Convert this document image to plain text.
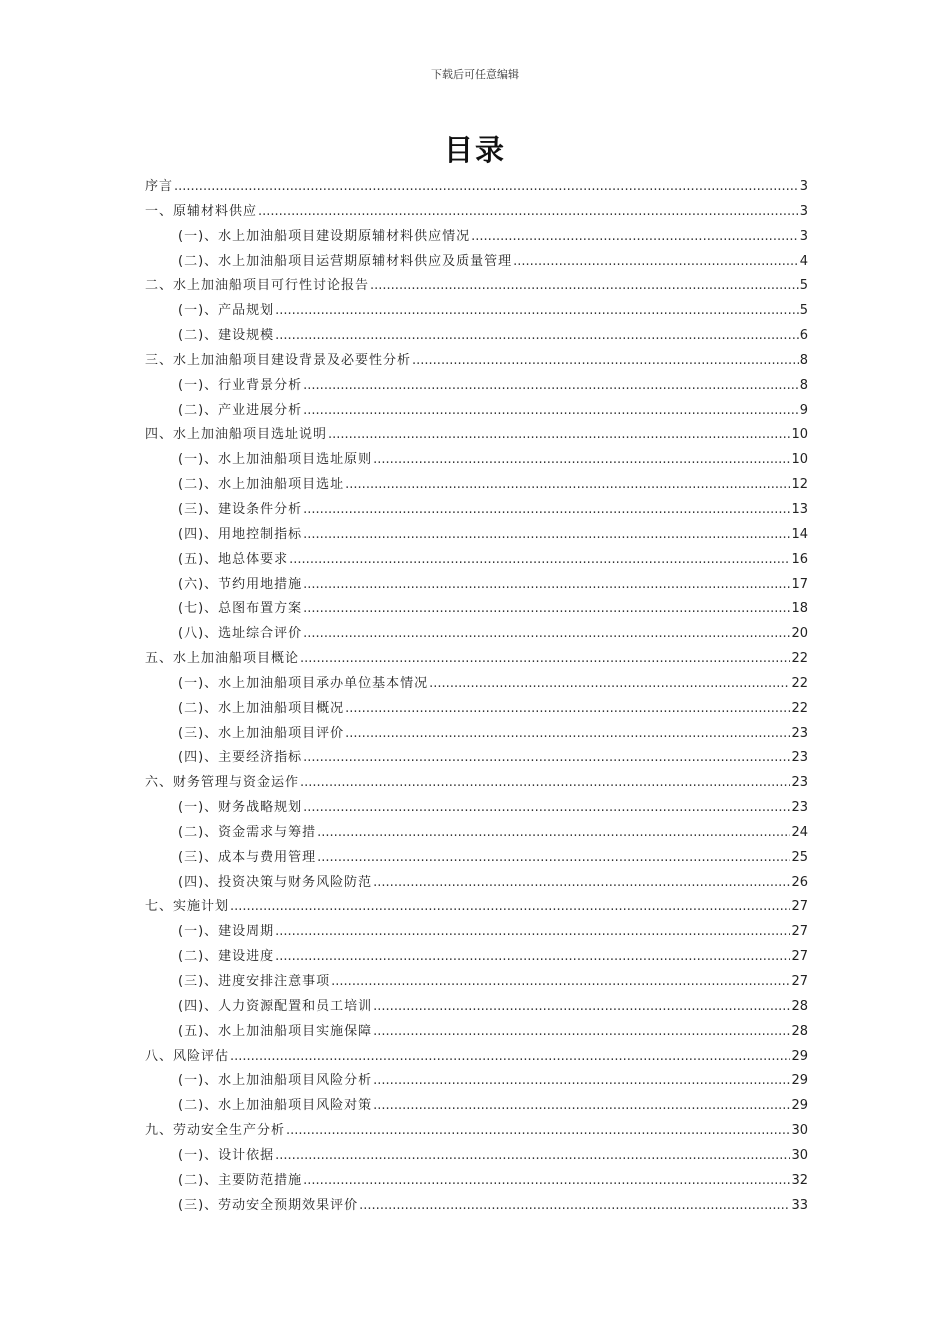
下载后可任意编辑
目录
序言 .....	3
一、原辅材料供应 .....	3
(一)、水上加油船项目建设期原辅材料供应情况 .....	3
(二)、水上加油船项目运营期原辅材料供应及质量管理 .....	4
二、水上加油船项目可行性讨论报告 .....	5
(一)、产品规划 .....	5
(二)、建设规模 .....	6
三、水上加油船项目建设背景及必要性分析 .....	8
(一)、行业背景分析 .....	8
(二)、产业进展分析 .....	9
四、水上加油船项目选址说明 .....	10
(一)、水上加油船项目选址原则 .....	10
(二)、水上加油船项目选址 .....	12
(三)、建设条件分析 .....	13
(四)、用地控制指标 .....	14
(五)、地总体要求 .....	16
(六)、节约用地措施 .....	17
(七)、总图布置方案 .....	18
(八)、选址综合评价 .....	20
五、水上加油船项目概论 .....	22
(一)、水上加油船项目承办单位基本情况 .....	22
(二)、水上加油船项目概况 .....	22
(三)、水上加油船项目评价 .....	23
(四)、主要经济指标 .....	23
六、财务管理与资金运作 .....	23
(一)、财务战略规划 .....	23
(二)、资金需求与筹措 .....	24
(三)、成本与费用管理 .....	25
(四)、投资决策与财务风险防范 .....	26
七、实施计划 .....	27
(一)、建设周期 .....	27
(二)、建设进度 .....	27
(三)、进度安排注意事项 .....	27
(四)、人力资源配置和员工培训 .....	28
(五)、水上加油船项目实施保障 .....	28
八、风险评估 .....	29
(一)、水上加油船项目风险分析 .....	29
(二)、水上加油船项目风险对策 .....	29
九、劳动安全生产分析 .....	30
(一)、设计依据 .....	30
(二)、主要防范措施 .....	32
(三)、劳动安全预期效果评价 .....	33
